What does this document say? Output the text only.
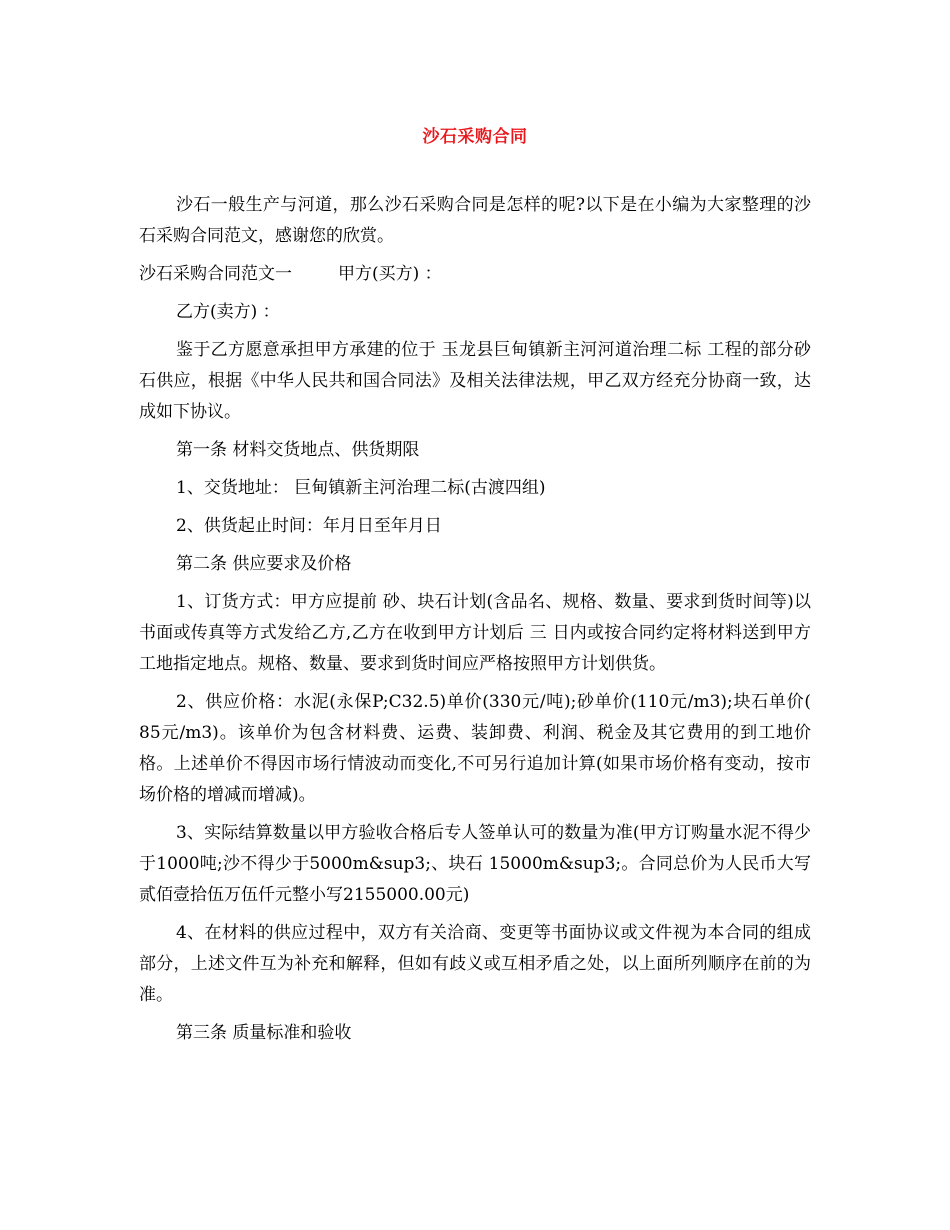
沙石采购合同

沙石一般生产与河道，那么沙石采购合同是怎样的呢?以下是在小编为大家整理的沙石采购合同范文，感谢您的欣赏。

沙石采购合同范文一	甲方(买方) ：

乙方(卖方) ：

鉴于乙方愿意承担甲方承建的位于 玉龙县巨甸镇新主河河道治理二标 工程的部分砂石供应，根据《中华人民共和国合同法》及相关法律法规，甲乙双方经充分协商一致，达成如下协议。

第一条 材料交货地点、供货期限

1、交货地址： 巨甸镇新主河治理二标(古渡四组)

2、供货起止时间：年月日至年月日

第二条 供应要求及价格

1、订货方式：甲方应提前 砂、块石计划(含品名、规格、数量、要求到货时间等)以书面或传真等方式发给乙方,乙方在收到甲方计划后 三 日内或按合同约定将材料送到甲方工地指定地点。规格、数量、要求到货时间应严格按照甲方计划供货。

2、供应价格：水泥(永保P;C32.5)单价(330元/吨);砂单价(110元/m3);块石单价( 85元/m3)。该单价为包含材料费、运费、装卸费、利润、税金及其它费用的到工地价格。上述单价不得因市场行情波动而变化,不可另行追加计算(如果市场价格有变动，按市场价格的增减而增减)。

3、实际结算数量以甲方验收合格后专人签单认可的数量为准(甲方订购量水泥不得少于1000吨;沙不得少于5000m&sup3;、块石 15000m&sup3;。合同总价为人民币大写贰佰壹拾伍万伍仟元整小写2155000.00元)

4、在材料的供应过程中，双方有关洽商、变更等书面协议或文件视为本合同的组成部分，上述文件互为补充和解释，但如有歧义或互相矛盾之处，以上面所列顺序在前的为准。

第三条 质量标准和验收
